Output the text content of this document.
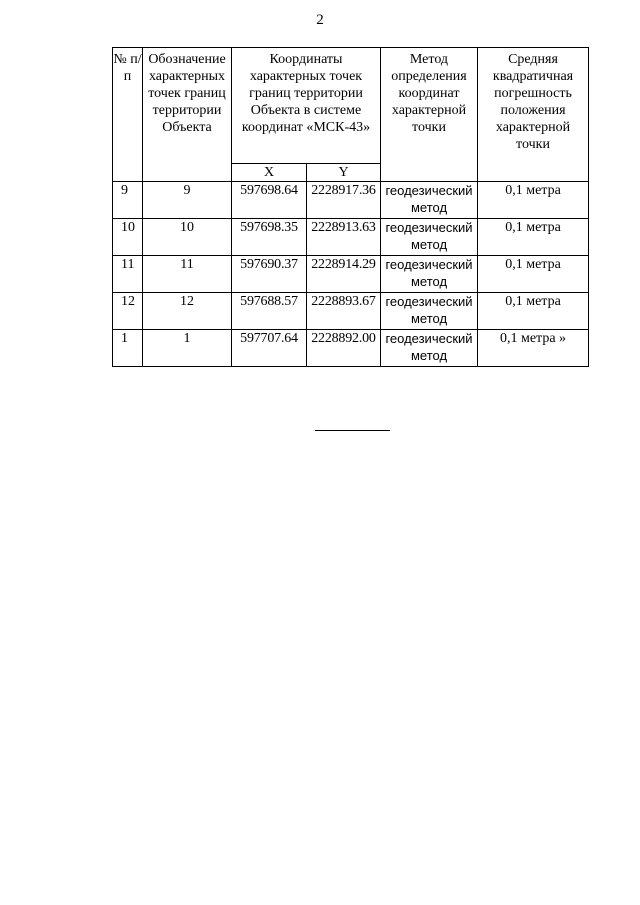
2
№ п/п	Обозначение характерных точек границ территории Объекта	Координаты характерных точек границ территории Объекта в системе координат «МСК-43»		Метод определения координат характерной точки	Средняя квадратичная погрешность положения характерной точки
		X	Y		
9	9	597698.64	2228917.36	геодезический метод	0,1 метра
10	10	597698.35	2228913.63	геодезический метод	0,1 метра
11	11	597690.37	2228914.29	геодезический метод	0,1 метра
12	12	597688.57	2228893.67	геодезический метод	0,1 метра
1	1	597707.64	2228892.00	геодезический метод	0,1 метра »
